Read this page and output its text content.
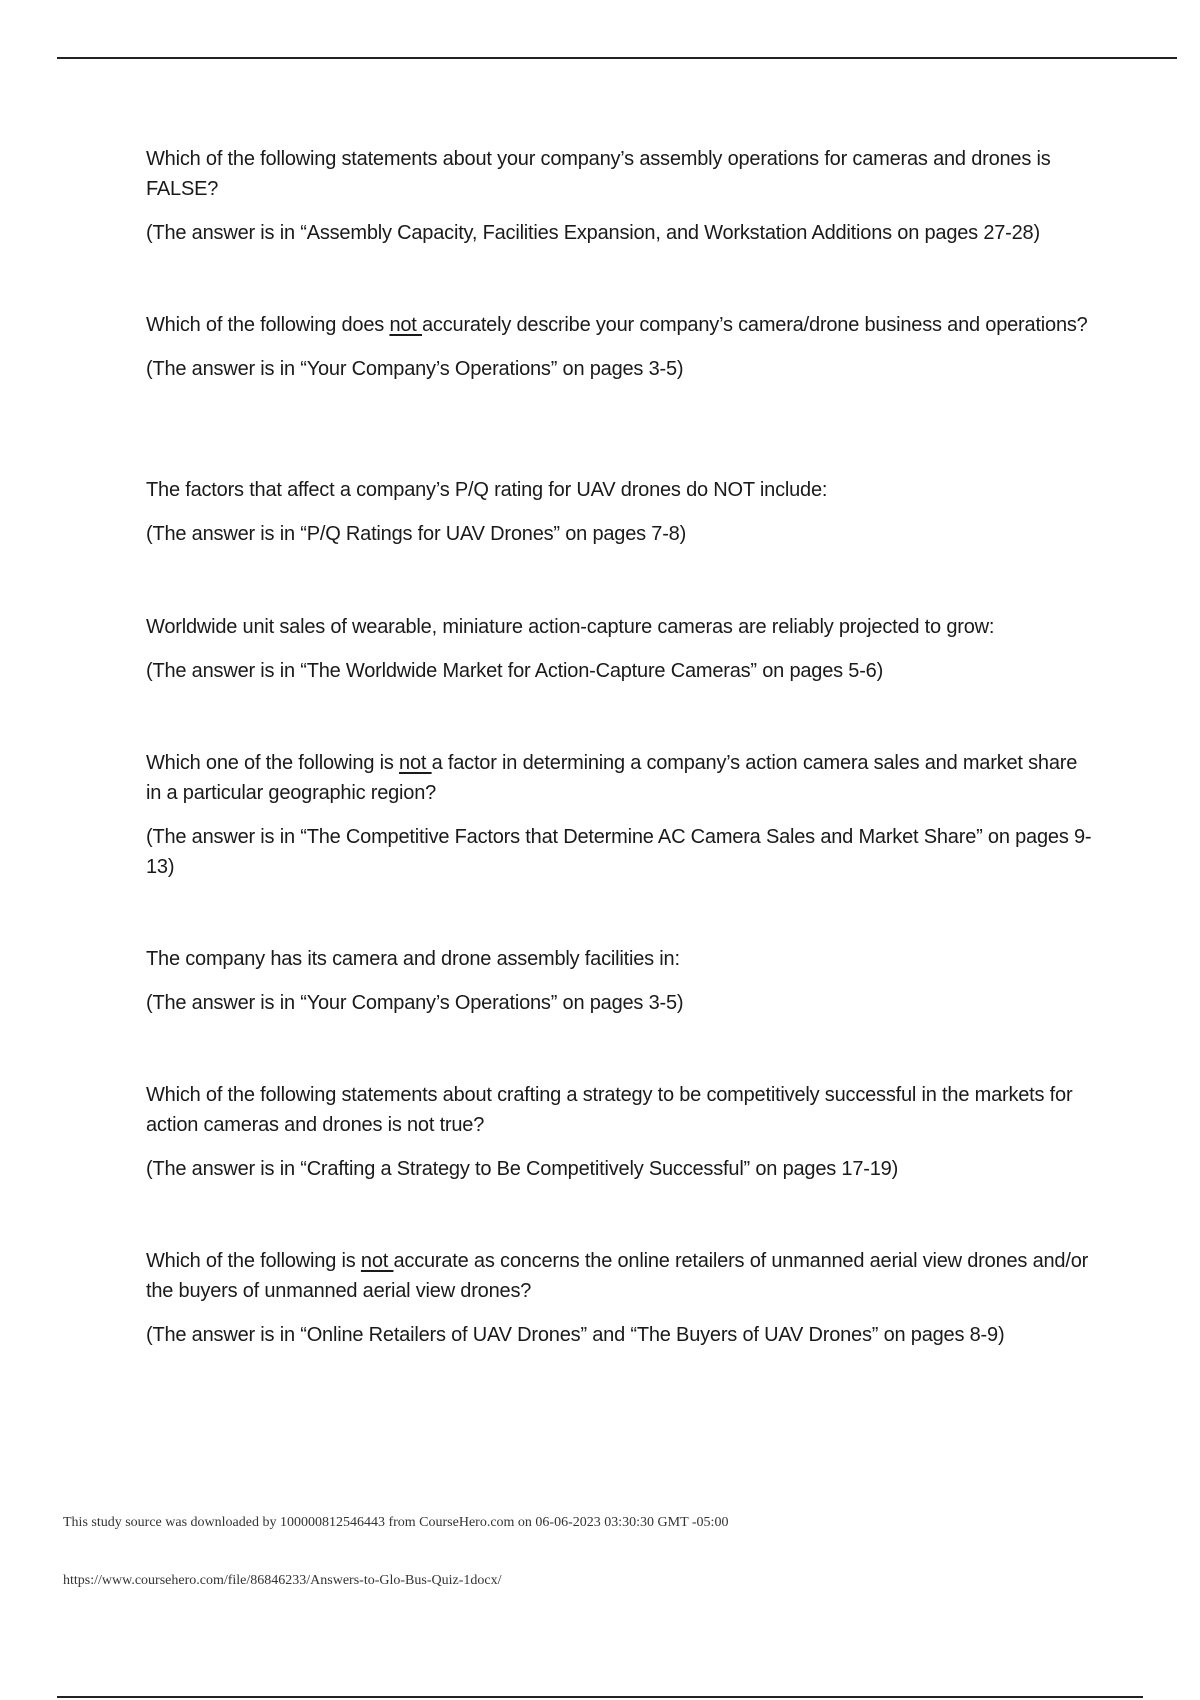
Which of the following statements about your company’s assembly operations for cameras and drones is FALSE?

(The answer is in “Assembly Capacity, Facilities Expansion, and Workstation Additions on pages 27-28)

Which of the following does not accurately describe your company’s camera/drone business and operations?

(The answer is in “Your Company’s Operations” on pages 3-5)

The factors that affect a company’s P/Q rating for UAV drones do NOT include:

(The answer is in “P/Q Ratings for UAV Drones” on pages 7-8)

Worldwide unit sales of wearable, miniature action-capture cameras are reliably projected to grow:

(The answer is in “The Worldwide Market for Action-Capture Cameras” on pages 5-6)

Which one of the following is not a factor in determining a company’s action camera sales and market share in a particular geographic region?

(The answer is in “The Competitive Factors that Determine AC Camera Sales and Market Share” on pages 9-13)

The company has its camera and drone assembly facilities in:

(The answer is in “Your Company’s Operations” on pages 3-5)

Which of the following statements about crafting a strategy to be competitively successful in the markets for action cameras and drones is not true?

(The answer is in “Crafting a Strategy to Be Competitively Successful” on pages 17-19)

Which of the following is not accurate as concerns the online retailers of unmanned aerial view drones and/or the buyers of unmanned aerial view drones?

(The answer is in “Online Retailers of UAV Drones” and “The Buyers of UAV Drones” on pages 8-9)

This study source was downloaded by 100000812546443 from CourseHero.com on 06-06-2023 03:30:30 GMT -05:00
https://www.coursehero.com/file/86846233/Answers-to-Glo-Bus-Quiz-1docx/
